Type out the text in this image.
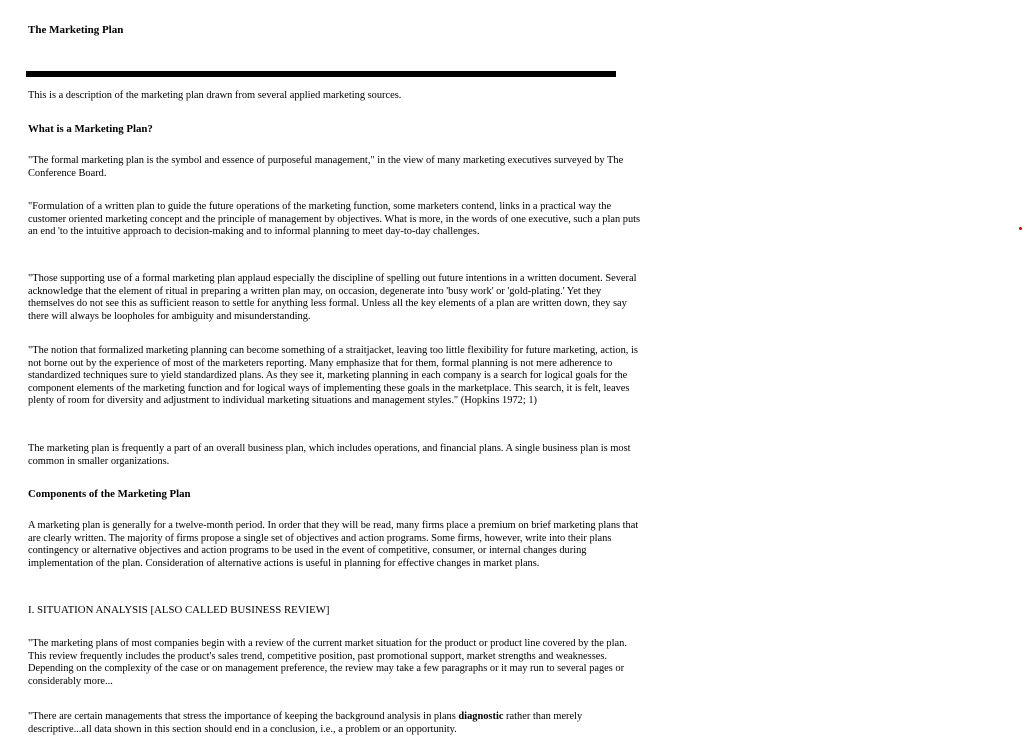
The Marketing Plan

This is a description of the marketing plan drawn from several applied marketing sources.

What is a Marketing Plan?

"The formal marketing plan is the symbol and essence of purposeful management," in the view of many marketing executives surveyed by The Conference Board.

"Formulation of a written plan to guide the future operations of the marketing function, some marketers contend, links in a practical way the customer oriented marketing concept and the principle of management by objectives. What is more, in the words of one executive, such a plan puts an end 'to the intuitive approach to decision-making and to informal planning to meet day-to-day challenges.

"Those supporting use of a formal marketing plan applaud especially the discipline of spelling out future intentions in a written document. Several acknowledge that the element of ritual in preparing a written plan may, on occasion, degenerate into 'busy work' or 'gold-plating.' Yet they themselves do not see this as sufficient reason to settle for anything less formal. Unless all the key elements of a plan are written down, they say there will always be loopholes for ambiguity and misunderstanding.

"The notion that formalized marketing planning can become something of a straitjacket, leaving too little flexibility for future marketing, action, is not borne out by the experience of most of the marketers reporting. Many emphasize that for them, formal planning is not mere adherence to standardized techniques sure to yield standardized plans. As they see it, marketing planning in each company is a search for logical goals for the component elements of the marketing function and for logical ways of implementing these goals in the marketplace. This search, it is felt, leaves plenty of room for diversity and adjustment to individual marketing situations and management styles." (Hopkins 1972; 1)

The marketing plan is frequently a part of an overall business plan, which includes operations, and financial plans. A single business plan is most common in smaller organizations.

Components of the Marketing Plan

A marketing plan is generally for a twelve-month period. In order that they will be read, many firms place a premium on brief marketing plans that are clearly written. The majority of firms propose a single set of objectives and action programs. Some firms, however, write into their plans contingency or alternative objectives and action programs to be used in the event of competitive, consumer, or internal changes during implementation of the plan. Consideration of alternative actions is useful in planning for effective changes in market plans.

I. SITUATION ANALYSIS [ALSO CALLED BUSINESS REVIEW]

"The marketing plans of most companies begin with a review of the current market situation for the product or product line covered by the plan. This review frequently includes the product's sales trend, competitive position, past promotional support, market strengths and weaknesses. Depending on the complexity of the case or on management preference, the review may take a few paragraphs or it may run to several pages or considerably more...

"There are certain managements that stress the importance of keeping the background analysis in plans diagnostic rather than merely descriptive...all data shown in this section should end in a conclusion, i.e., a problem or an opportunity.
